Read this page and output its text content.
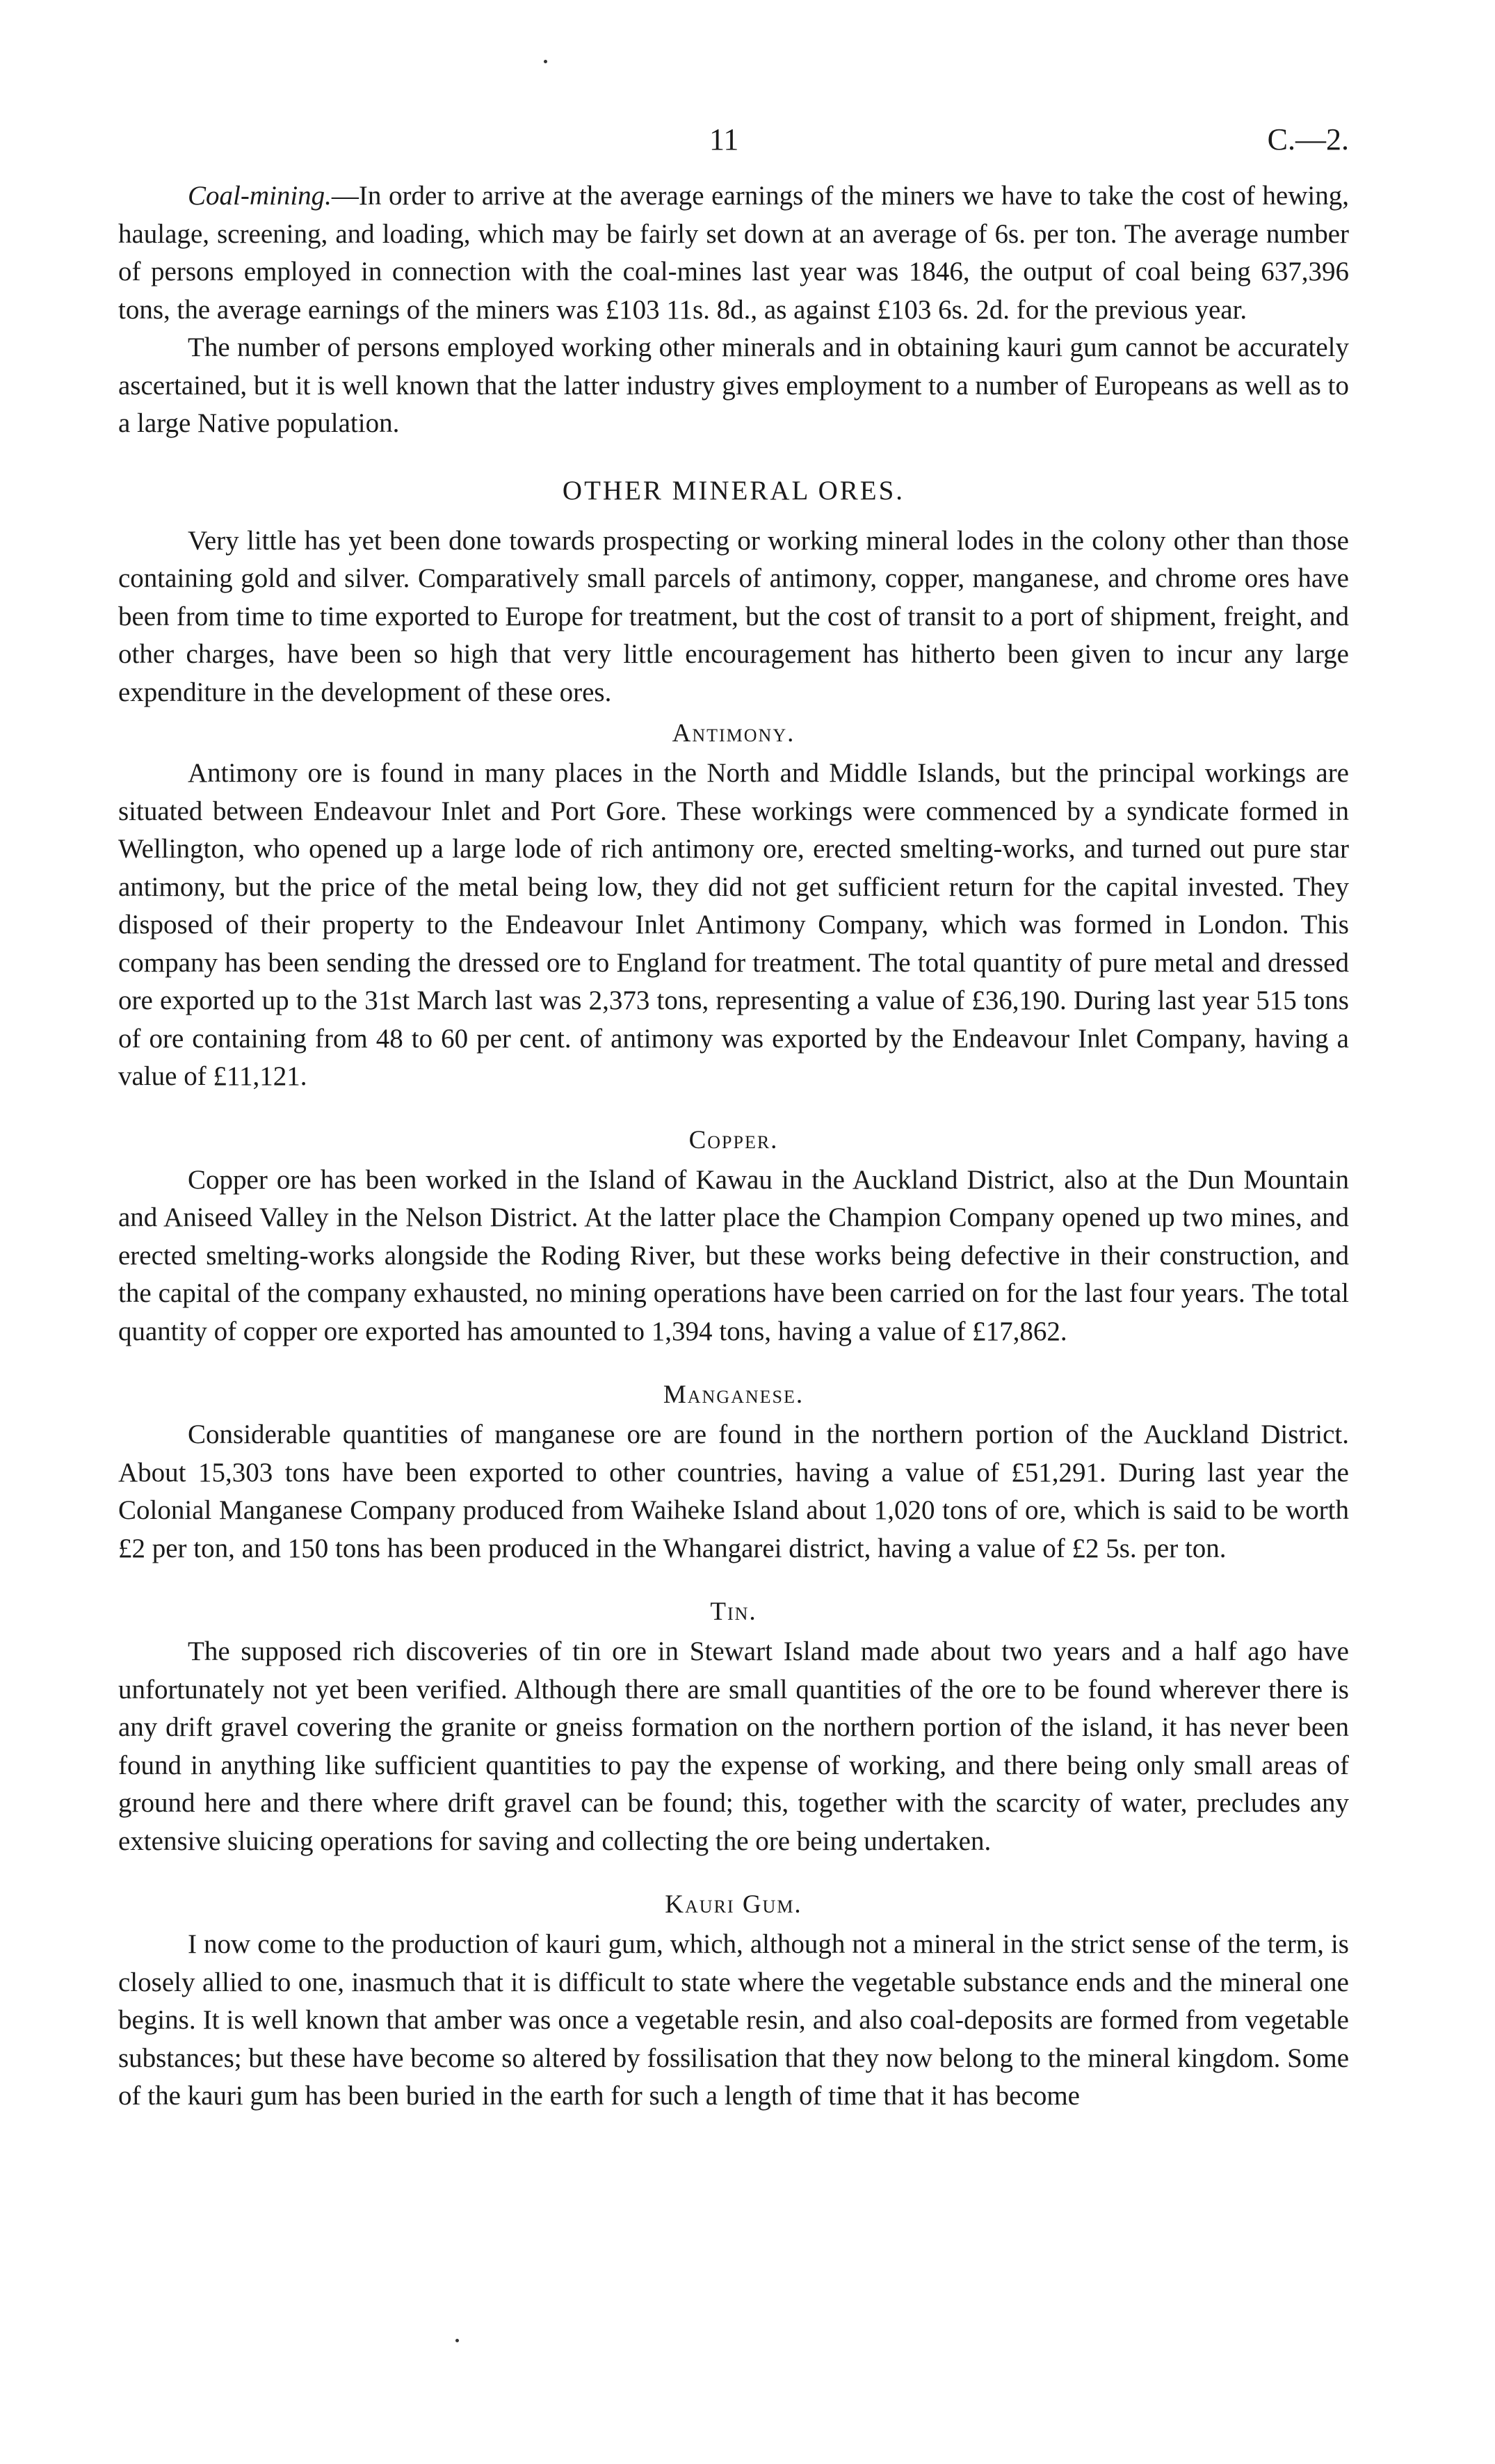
11	C.—2.

Coal-mining.—In order to arrive at the average earnings of the miners we have to take the cost of hewing, haulage, screening, and loading, which may be fairly set down at an average of 6s. per ton. The average number of persons employed in connection with the coal-mines last year was 1846, the output of coal being 637,396 tons, the average earnings of the miners was £103 11s. 8d., as against £103 6s. 2d. for the previous year.

The number of persons employed working other minerals and in obtaining kauri gum cannot be accurately ascertained, but it is well known that the latter industry gives employment to a number of Europeans as well as to a large Native population.

OTHER MINERAL ORES.

Very little has yet been done towards prospecting or working mineral lodes in the colony other than those containing gold and silver. Comparatively small parcels of antimony, copper, manganese, and chrome ores have been from time to time exported to Europe for treatment, but the cost of transit to a port of shipment, freight, and other charges, have been so high that very little encouragement has hitherto been given to incur any large expenditure in the development of these ores.

Antimony.

Antimony ore is found in many places in the North and Middle Islands, but the principal workings are situated between Endeavour Inlet and Port Gore. These workings were commenced by a syndicate formed in Wellington, who opened up a large lode of rich antimony ore, erected smelting-works, and turned out pure star antimony, but the price of the metal being low, they did not get sufficient return for the capital invested. They disposed of their property to the Endeavour Inlet Antimony Company, which was formed in London. This company has been sending the dressed ore to England for treatment. The total quantity of pure metal and dressed ore exported up to the 31st March last was 2,373 tons, representing a value of £36,190. During last year 515 tons of ore containing from 48 to 60 per cent. of antimony was exported by the Endeavour Inlet Company, having a value of £11,121.

Copper.

Copper ore has been worked in the Island of Kawau in the Auckland District, also at the Dun Mountain and Aniseed Valley in the Nelson District. At the latter place the Champion Company opened up two mines, and erected smelting-works alongside the Roding River, but these works being defective in their construction, and the capital of the company exhausted, no mining operations have been carried on for the last four years. The total quantity of copper ore exported has amounted to 1,394 tons, having a value of £17,862.

Manganese.

Considerable quantities of manganese ore are found in the northern portion of the Auckland District. About 15,303 tons have been exported to other countries, having a value of £51,291. During last year the Colonial Manganese Company produced from Waiheke Island about 1,020 tons of ore, which is said to be worth £2 per ton, and 150 tons has been produced in the Whangarei district, having a value of £2 5s. per ton.

Tin.

The supposed rich discoveries of tin ore in Stewart Island made about two years and a half ago have unfortunately not yet been verified. Although there are small quantities of the ore to be found wherever there is any drift gravel covering the granite or gneiss formation on the northern portion of the island, it has never been found in anything like sufficient quantities to pay the expense of working, and there being only small areas of ground here and there where drift gravel can be found; this, together with the scarcity of water, precludes any extensive sluicing operations for saving and collecting the ore being undertaken.

Kauri Gum.

I now come to the production of kauri gum, which, although not a mineral in the strict sense of the term, is closely allied to one, inasmuch that it is difficult to state where the vegetable substance ends and the mineral one begins. It is well known that amber was once a vegetable resin, and also coal-deposits are formed from vegetable substances; but these have become so altered by fossilisation that they now belong to the mineral kingdom. Some of the kauri gum has been buried in the earth for such a length of time that it has become
